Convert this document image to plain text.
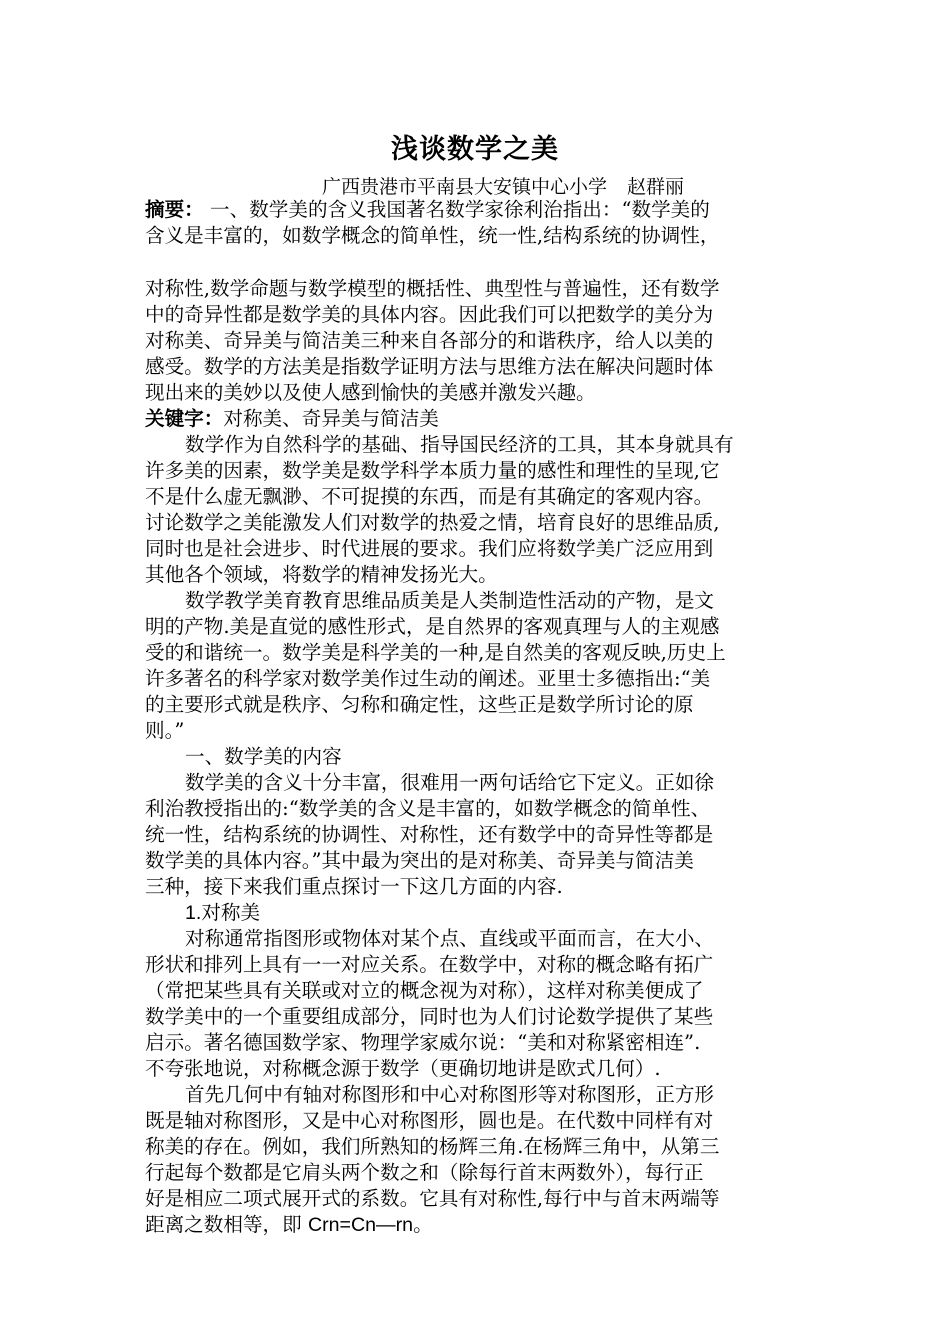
浅谈数学之美
广西贵港市平南县大安镇中心小学 赵群丽
摘要： 一、数学美的含义我国著名数学家徐利治指出：“数学美的
含义是丰富的，如数学概念的简单性，统一性,结构系统的协调性，
对称性,数学命题与数学模型的概括性、典型性与普遍性，还有数学
中的奇异性都是数学美的具体内容。因此我们可以把数学的美分为
对称美、奇异美与简洁美三种来自各部分的和谐秩序，给人以美的
感受。数学的方法美是指数学证明方法与思维方法在解决问题时体
现出来的美妙以及使人感到愉快的美感并激发兴趣。
关键字：对称美、奇异美与简洁美
数学作为自然科学的基础、指导国民经济的工具，其本身就具有
许多美的因素，数学美是数学科学本质力量的感性和理性的呈现,它
不是什么虚无飘渺、不可捉摸的东西，而是有其确定的客观内容。
讨论数学之美能激发人们对数学的热爱之情，培育良好的思维品质,
同时也是社会进步、时代进展的要求。我们应将数学美广泛应用到
其他各个领域，将数学的精神发扬光大。
数学教学美育教育思维品质美是人类制造性活动的产物，是文
明的产物.美是直觉的感性形式，是自然界的客观真理与人的主观感
受的和谐统一。数学美是科学美的一种,是自然美的客观反映,历史上
许多著名的科学家对数学美作过生动的阐述。亚里士多德指出:“美
的主要形式就是秩序、匀称和确定性，这些正是数学所讨论的原
则。”
一、数学美的内容
数学美的含义十分丰富，很难用一两句话给它下定义。正如徐
利治教授指出的:“数学美的含义是丰富的，如数学概念的简单性、
统一性，结构系统的协调性、对称性，还有数学中的奇异性等都是
数学美的具体内容。”其中最为突出的是对称美、奇异美与简洁美
三种，接下来我们重点探讨一下这几方面的内容.
1.对称美
对称通常指图形或物体对某个点、直线或平面而言，在大小、
形状和排列上具有一一对应关系。在数学中，对称的概念略有拓广
（常把某些具有关联或对立的概念视为对称），这样对称美便成了
数学美中的一个重要组成部分，同时也为人们讨论数学提供了某些
启示。著名德国数学家、物理学家威尔说：“美和对称紧密相连”.
不夸张地说，对称概念源于数学（更确切地讲是欧式几何）.
首先几何中有轴对称图形和中心对称图形等对称图形，正方形
既是轴对称图形，又是中心对称图形，圆也是。在代数中同样有对
称美的存在。例如，我们所熟知的杨辉三角.在杨辉三角中，从第三
行起每个数都是它肩头两个数之和（除每行首末两数外），每行正
好是相应二项式展开式的系数。它具有对称性,每行中与首末两端等
距离之数相等，即 Crn=Cn—rn。
